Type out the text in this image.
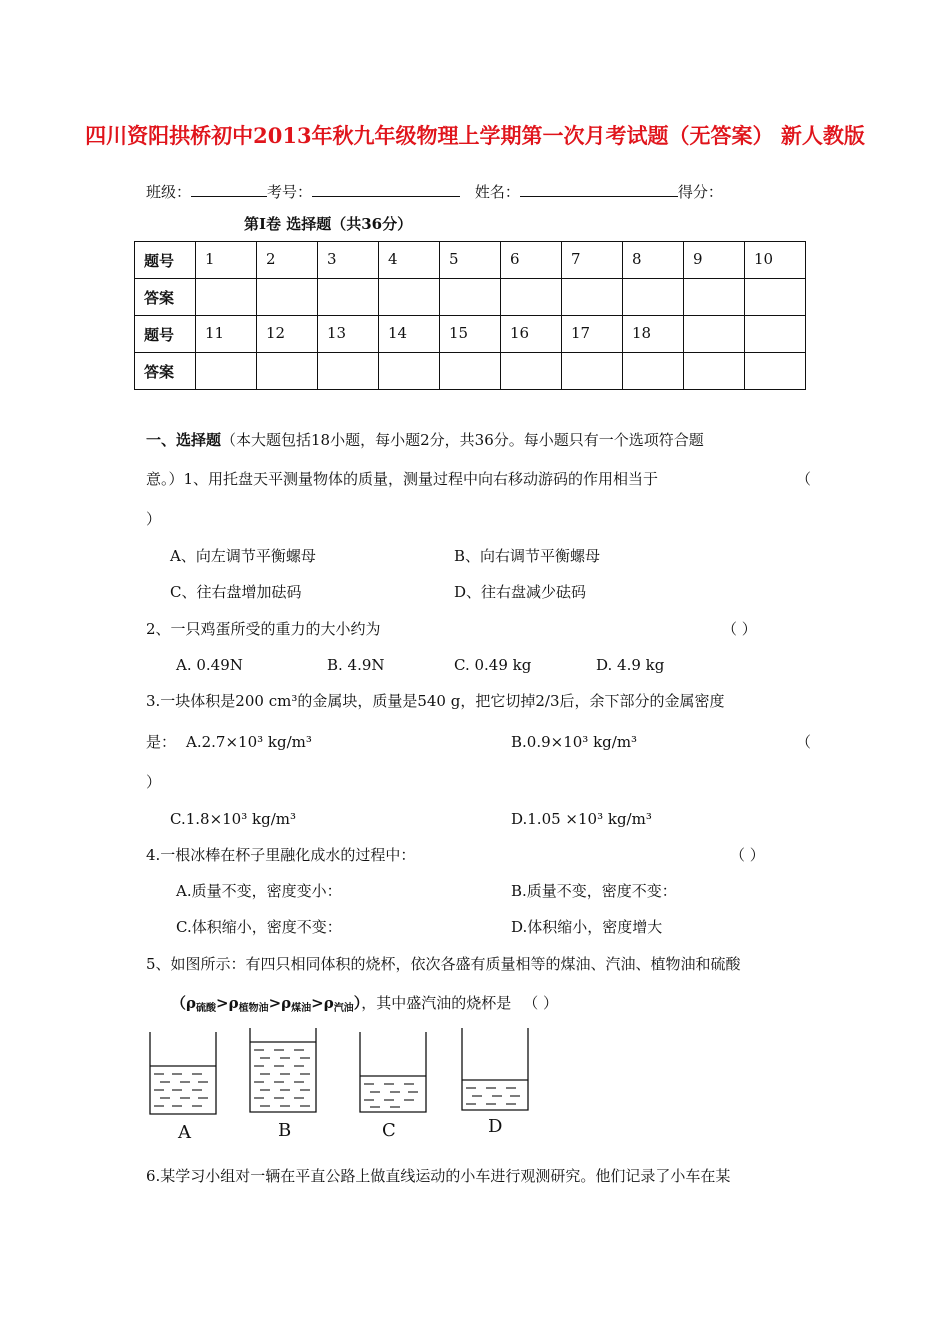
四川资阳拱桥初中2013年秋九年级物理上学期第一次月考试题（无答案） 新人教版
班级：	考号：	姓名：	得分：
第Ⅰ卷 选择题（共36分）
题号	1	2	3	4	5	6	7	8	9	10
答案										
题号	11	12	13	14	15	16	17	18		
答案										
一、选择题（本大题包括18小题，每小题2分，共36分。每小题只有一个选项符合题
意。）1、用托盘天平测量物体的质量，测量过程中向右移动游码的作用相当于	（
）
A、向左调节平衡螺母	B、向右调节平衡螺母
C、往右盘增加砝码	D、往右盘减少砝码
2、一只鸡蛋所受的重力的大小约为	（ ）
A. 0.49N	B. 4.9N	C. 0.49 kg	D. 4.9 kg
3.一块体积是200 cm³的金属块，质量是540 g，把它切掉2/3后，余下部分的金属密度
是： A.2.7×10³ kg/m³	B.0.9×10³ kg/m³	（
）
C.1.8×10³ kg/m³	D.1.05 ×10³ kg/m³
4.一根冰棒在杯子里融化成水的过程中：	（ ）
A.质量不变，密度变小：	B.质量不变，密度不变：
C.体积缩小，密度不变：	D.体积缩小，密度增大
5、如图所示：有四只相同体积的烧杯，依次各盛有质量相等的煤油、汽油、植物油和硫酸
$(\rho_{硫酸}>\rho_{植物油}>\rho_{煤油}>\rho_{汽油})$，其中盛汽油的烧杯是 （ ）
A	B	C	D
6.某学习小组对一辆在平直公路上做直线运动的小车进行观测研究。他们记录了小车在某
